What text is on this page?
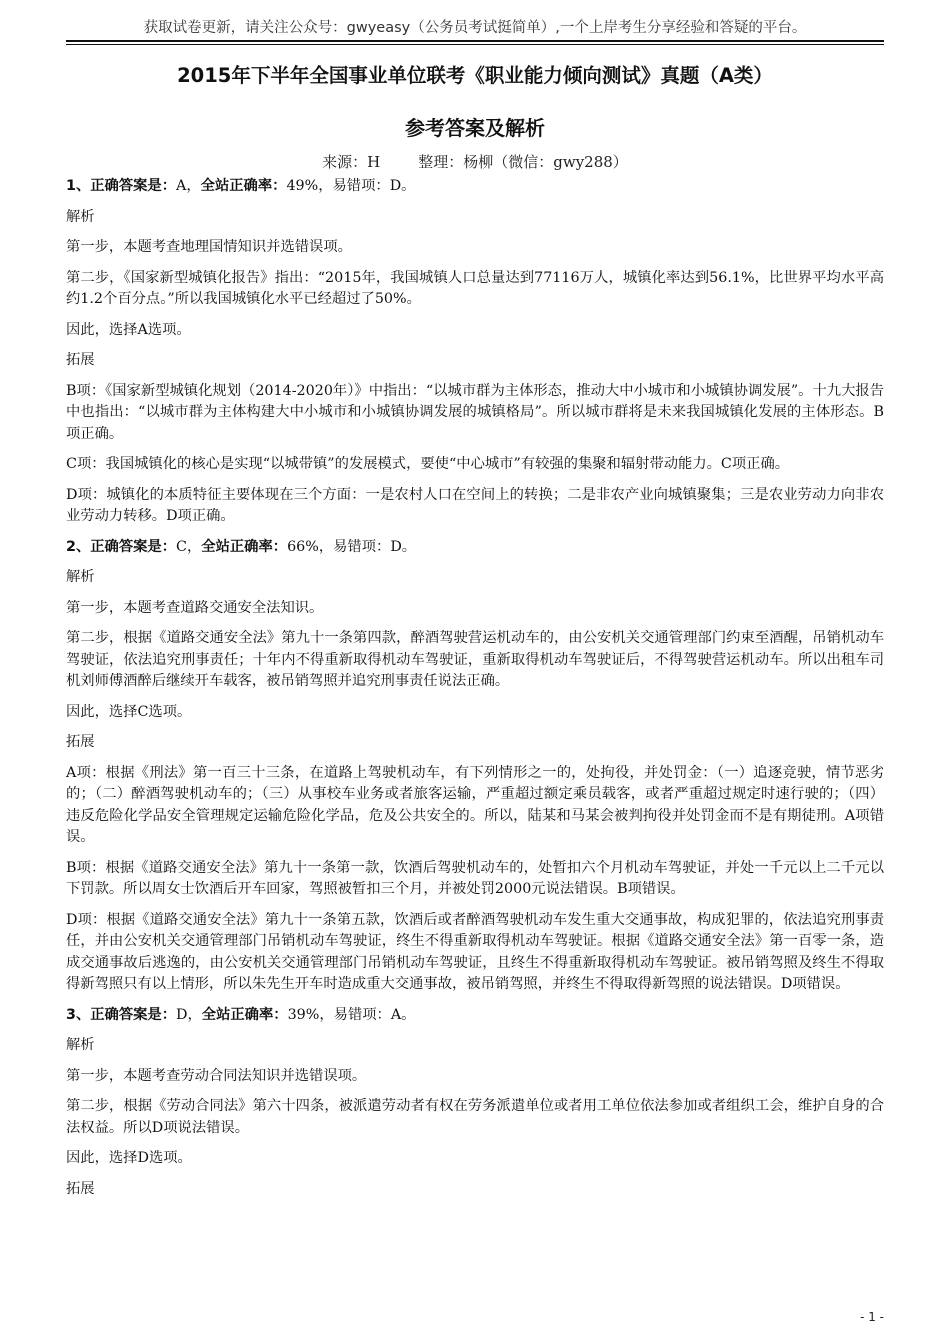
获取试卷更新，请关注公众号：gwyeasy（公务员考试挺简单）,一个上岸考生分享经验和答疑的平台。
2015年下半年全国事业单位联考《职业能力倾向测试》真题（A类）
参考答案及解析
来源：H	整理：杨柳（微信：gwy288）

1、正确答案是：A，全站正确率：49%，易错项：D。

解析

第一步，本题考查地理国情知识并选错误项。

第二步，《国家新型城镇化报告》指出：“2015年，我国城镇人口总量达到77116万人，城镇化率达到56.1%，比世界平均水平高约1.2个百分点。”所以我国城镇化水平已经超过了50%。

因此，选择A选项。

拓展

B项：《国家新型城镇化规划（2014-2020年）》中指出：“以城市群为主体形态，推动大中小城市和小城镇协调发展”。十九大报告中也指出：“以城市群为主体构建大中小城市和小城镇协调发展的城镇格局”。所以城市群将是未来我国城镇化发展的主体形态。B项正确。

C项：我国城镇化的核心是实现“以城带镇”的发展模式，要使“中心城市”有较强的集聚和辐射带动能力。C项正确。

D项：城镇化的本质特征主要体现在三个方面：一是农村人口在空间上的转换；二是非农产业向城镇聚集；三是农业劳动力向非农业劳动力转移。D项正确。

2、正确答案是：C，全站正确率：66%，易错项：D。

解析

第一步，本题考查道路交通安全法知识。

第二步，根据《道路交通安全法》第九十一条第四款，醉酒驾驶营运机动车的，由公安机关交通管理部门约束至酒醒，吊销机动车驾驶证，依法追究刑事责任；十年内不得重新取得机动车驾驶证，重新取得机动车驾驶证后，不得驾驶营运机动车。所以出租车司机刘师傅酒醉后继续开车载客，被吊销驾照并追究刑事责任说法正确。

因此，选择C选项。

拓展

A项：根据《刑法》第一百三十三条，在道路上驾驶机动车，有下列情形之一的，处拘役，并处罚金：（一）追逐竞驶，情节恶劣的；（二）醉酒驾驶机动车的；（三）从事校车业务或者旅客运输，严重超过额定乘员载客，或者严重超过规定时速行驶的；（四）违反危险化学品安全管理规定运输危险化学品，危及公共安全的。所以，陆某和马某会被判拘役并处罚金而不是有期徒刑。A项错误。

B项：根据《道路交通安全法》第九十一条第一款，饮酒后驾驶机动车的，处暂扣六个月机动车驾驶证，并处一千元以上二千元以下罚款。所以周女士饮酒后开车回家，驾照被暂扣三个月，并被处罚2000元说法错误。B项错误。

D项：根据《道路交通安全法》第九十一条第五款，饮酒后或者醉酒驾驶机动车发生重大交通事故，构成犯罪的，依法追究刑事责任，并由公安机关交通管理部门吊销机动车驾驶证，终生不得重新取得机动车驾驶证。根据《道路交通安全法》第一百零一条，造成交通事故后逃逸的，由公安机关交通管理部门吊销机动车驾驶证，且终生不得重新取得机动车驾驶证。被吊销驾照及终生不得取得新驾照只有以上情形，所以朱先生开车时造成重大交通事故，被吊销驾照，并终生不得取得新驾照的说法错误。D项错误。

3、正确答案是：D，全站正确率：39%，易错项：A。

解析

第一步，本题考查劳动合同法知识并选错误项。

第二步，根据《劳动合同法》第六十四条，被派遣劳动者有权在劳务派遣单位或者用工单位依法参加或者组织工会，维护自身的合法权益。所以D项说法错误。

因此，选择D选项。

拓展

- 1 -
